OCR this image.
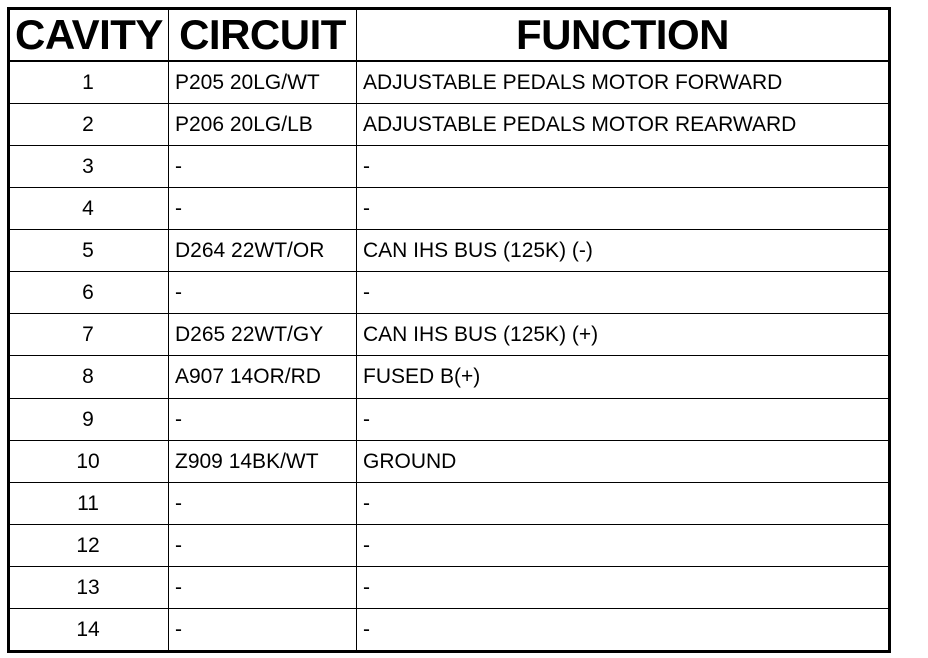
CAVITY	CIRCUIT	FUNCTION
1	P205 20LG/WT	ADJUSTABLE PEDALS MOTOR FORWARD
2	P206 20LG/LB	ADJUSTABLE PEDALS MOTOR REARWARD
3	-	-
4	-	-
5	D264 22WT/OR	CAN IHS BUS (125K) (-)
6	-	-
7	D265 22WT/GY	CAN IHS BUS (125K) (+)
8	A907 14OR/RD	FUSED B(+)
9	-	-
10	Z909 14BK/WT	GROUND
11	-	-
12	-	-
13	-	-
14	-	-
